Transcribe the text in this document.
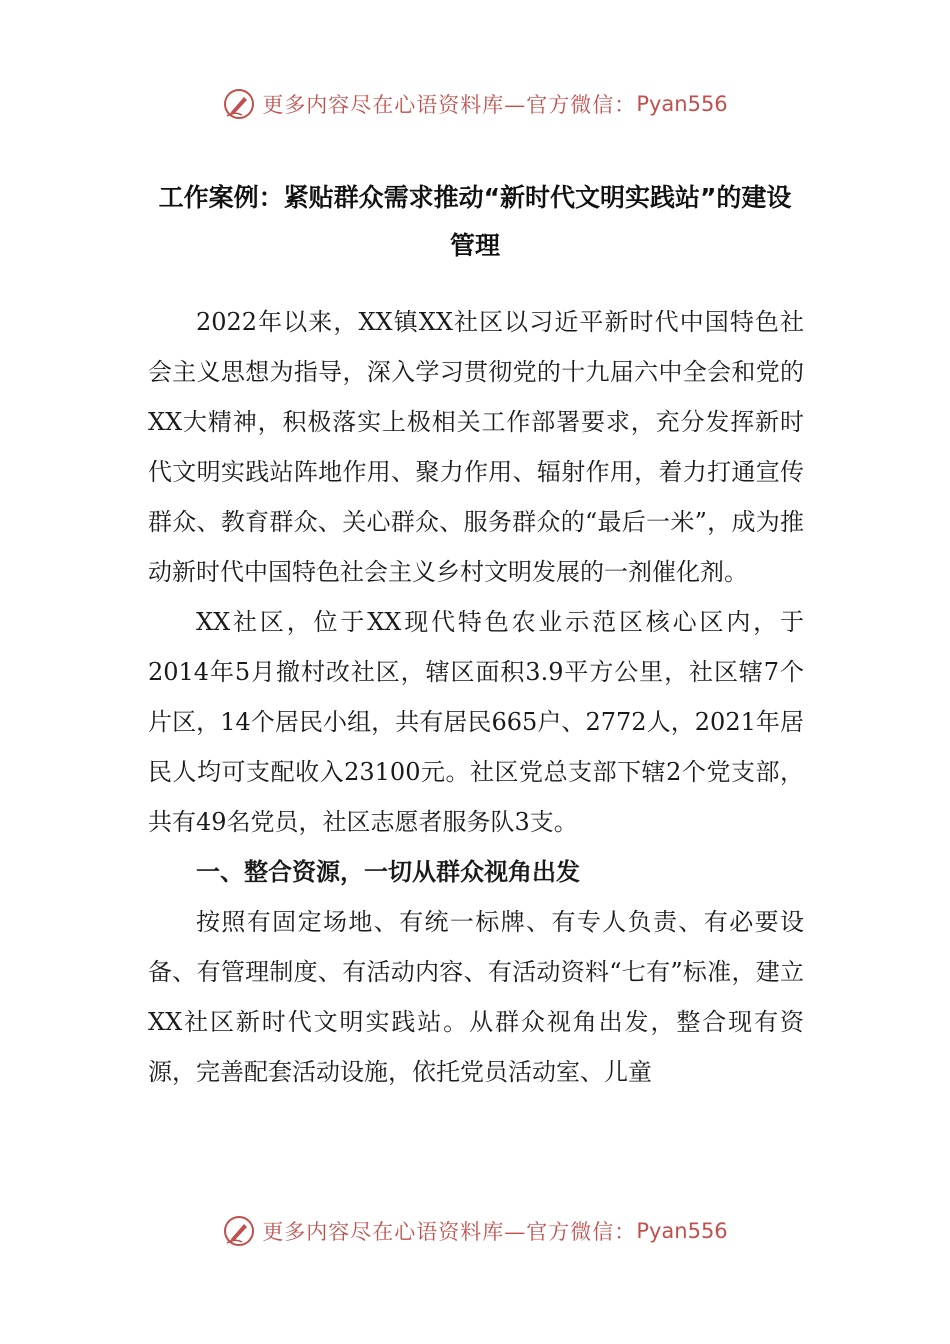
更多内容尽在心语资料库—官方微信： Pyan556
工作案例：紧贴群众需求推动“新时代文明实践站”的建设管理

2022年以来，XX镇XX社区以习近平新时代中国特色社会主义思想为指导，深入学习贯彻党的十九届六中全会和党的XX大精神，积极落实上极相关工作部署要求，充分发挥新时代文明实践站阵地作用、聚力作用、辐射作用，着力打通宣传群众、教育群众、关心群众、服务群众的“最后一米”，成为推动新时代中国特色社会主义乡村文明发展的一剂催化剂。

XX社区，位于XX现代特色农业示范区核心区内，于2014年5月撤村改社区，辖区面积3.9平方公里，社区辖7个片区，14个居民小组，共有居民665户、2772人，2021年居民人均可支配收入23100元。社区党总支部下辖2个党支部，共有49名党员，社区志愿者服务队3支。

一、整合资源，一切从群众视角出发

按照有固定场地、有统一标牌、有专人负责、有必要设备、有管理制度、有活动内容、有活动资料“七有”标准，建立XX社区新时代文明实践站。从群众视角出发，整合现有资源，完善配套活动设施，依托党员活动室、儿童

更多内容尽在心语资料库—官方微信： Pyan556
